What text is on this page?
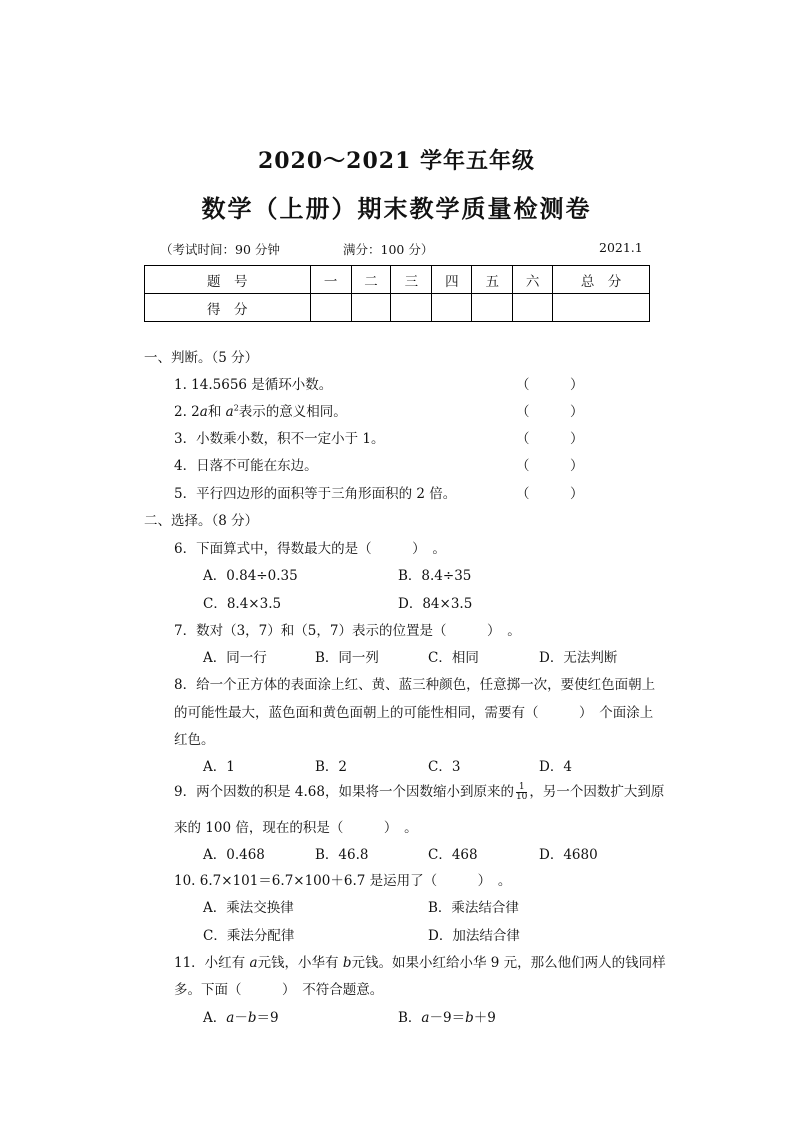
2020～2021 学年五年级
数学（上册）期末教学质量检测卷
（考试时间：90 分钟	满分：100 分）	2021.1
题　号	一	二	三	四	五	六	总　分
得　分							
一、判断。（5 分）
1. 14.5656 是循环小数。	（　　　）
2. 2a和 $a^2$表示的意义相同。	（　　　）
3．小数乘小数，积不一定小于 1。	（　　　）
4．日落不可能在东边。	（　　　）
5．平行四边形的面积等于三角形面积的 2 倍。	（　　　）
二、选择。（8 分）
6．下面算式中，得数最大的是（　　　）　。
A．0.84÷0.35	B．8.4÷35
C．8.4×3.5	D．84×3.5
7．数对（3，7）和（5，7）表示的位置是（　　　）　。
A．同一行	B．同一列	C．相同	D．无法判断
8．给一个正方体的表面涂上红、黄、蓝三种颜色，任意掷一次，要使红色面朝上
的可能性最大，蓝色面和黄色面朝上的可能性相同，需要有（　　　）　个面涂上
红色。
A．1	B．2	C．3	D．4
9．两个因数的积是 4.68，如果将一个因数缩小到原来的 $\frac{1}{10}$ ，另一个因数扩大到原
来的 100 倍，现在的积是（　　　）　。
A．0.468	B．46.8	C．468	D．4680
10. 6.7×101＝6.7×100＋6.7 是运用了（　　　）　。
A．乘法交换律	B．乘法结合律
C．乘法分配律	D．加法结合律
11．小红有 a元钱，小华有 b元钱。如果小红给小华 9 元，那么他们两人的钱同样
多。下面（　　　）　不符合题意。
A．a－b＝9	B．a－9＝b＋9
